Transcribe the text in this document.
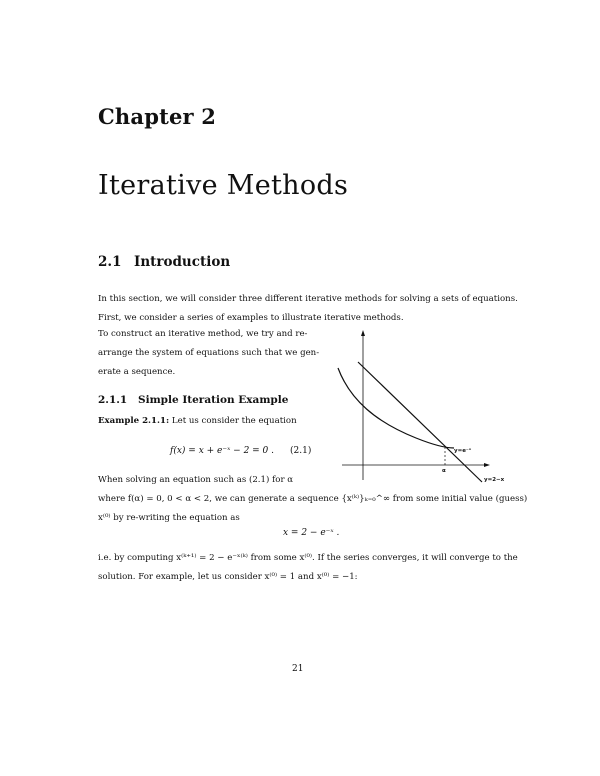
Chapter 2
Iterative Methods
2.1 Introduction
In this section, we will consider three different iterative methods for solving a sets of equations.
First, we consider a series of examples to illustrate iterative methods.
To construct an iterative method, we try and re-arrange the system of equations such that we gen-erate a sequence.
2.1.1 Simple Iteration Example
Example 2.1.1: Let us consider the equation
f(x) = x + e⁻ˣ − 2 = 0 . (2.1)
When solving an equation such as (2.1) for α
where f(α) = 0, 0 < α < 2, we can generate a sequence {x⁽ᵏ⁾}ₖ₌₀^∞ from some initial value (guess)
x⁽⁰⁾ by re-writing the equation as
x = 2 − e⁻ˣ .
i.e. by computing x⁽ᵏ⁺¹⁾ = 2 − e⁻ˣ⁽ᵏ⁾ from some x⁽⁰⁾. If the series converges, it will converge to the
solution. For example, let us consider x⁽⁰⁾ = 1 and x⁽⁰⁾ = −1:
y=e⁻ˣ
α
y=2−x
21
